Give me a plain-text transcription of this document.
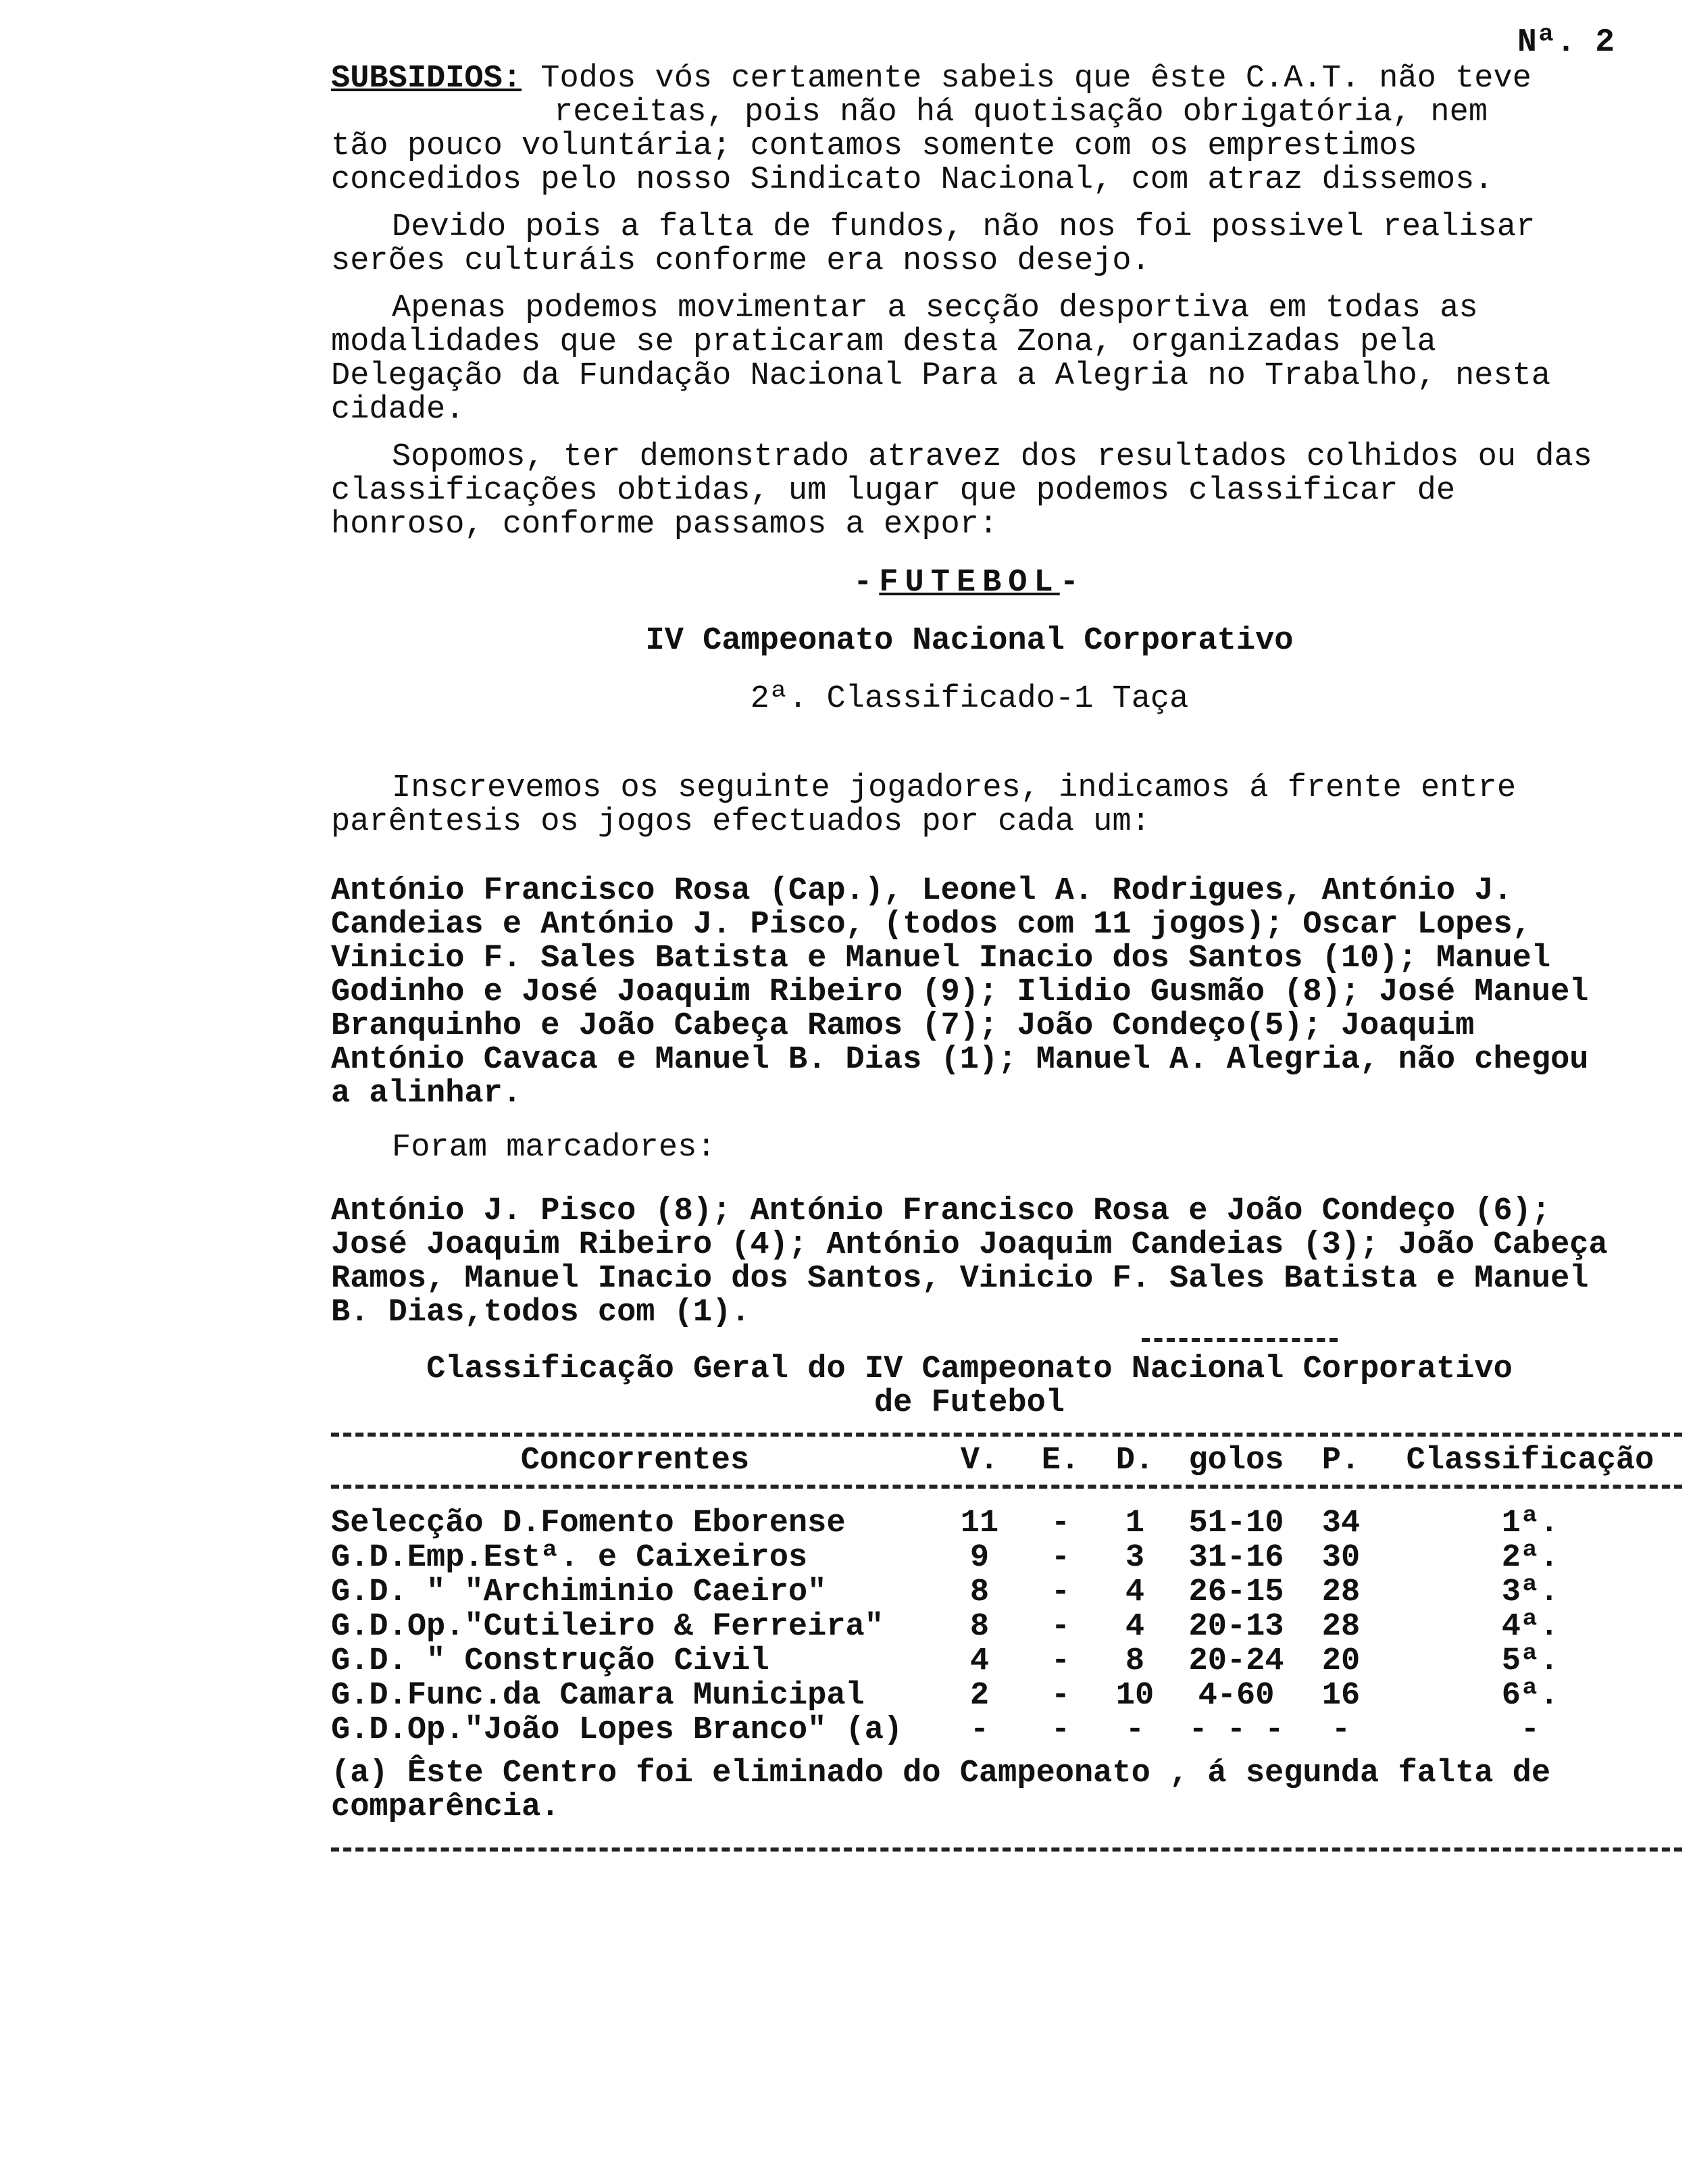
Nª. 2

SUBSIDIOS: Todos vós certamente sabeis que êste C.A.T. não teve

receitas, pois não há quotisação obrigatória, nem

tão pouco voluntária; contamos somente com os emprestimos concedidos pelo nosso Sindicato Nacional, com atraz dissemos.

Devido pois a falta de fundos, não nos foi possivel realisar serões culturáis conforme era nosso desejo.

Apenas podemos movimentar a secção desportiva em todas as modalidades que se praticaram desta Zona, organizadas pela Delegação da Fundação Nacional Para a Alegria no Trabalho, nesta cidade.

Sopomos, ter demonstrado atravez dos resultados colhidos ou das classificações obtidas, um lugar que podemos classificar de honroso, conforme passamos a expor:

-FUTEBOL-

IV Campeonato Nacional Corporativo

2ª. Classificado-1 Taça

Inscrevemos os seguinte jogadores, indicamos á frente entre parêntesis os jogos efectuados por cada um:

António Francisco Rosa (Cap.), Leonel A. Rodrigues, António J. Candeias e António J. Pisco, (todos com 11 jogos); Oscar Lopes, Vinicio F. Sales Batista e Manuel Inacio dos Santos (10); Manuel Godinho e José Joaquim Ribeiro (9); Ilidio Gusmão (8); José Manuel Branquinho e João Cabeça Ramos (7); João Condeço(5); Joaquim António Cavaca e Manuel B. Dias (1); Manuel A. Alegria, não chegou a alinhar.

Foram marcadores:

António J. Pisco (8); António Francisco Rosa e João Condeço (6); José Joaquim Ribeiro (4); António Joaquim Candeias (3); João Cabeça Ramos, Manuel Inacio dos Santos, Vinicio F. Sales Batista e Manuel B. Dias,todos com (1).

Classificação Geral do IV Campeonato Nacional Corporativo

de Futebol

Concorrentes	V.	E.	D.	golos	P.	Classificação
Selecção D.Fomento Eborense	11	-	1	51-10	34	1ª.
G.D.Emp.Estª. e Caixeiros	9	-	3	31-16	30	2ª.
G.D. " "Archiminio Caeiro"	8	-	4	26-15	28	3ª.
G.D.Op."Cutileiro & Ferreira"	8	-	4	20-13	28	4ª.
G.D. " Construção Civil	4	-	8	20-24	20	5ª.
G.D.Func.da Camara Municipal	2	-	10	4-60	16	6ª.
G.D.Op."João Lopes Branco" (a)	-	-	-	- - -	-	-

(a) Êste Centro foi eliminado do Campeonato , á segunda falta de comparência.
